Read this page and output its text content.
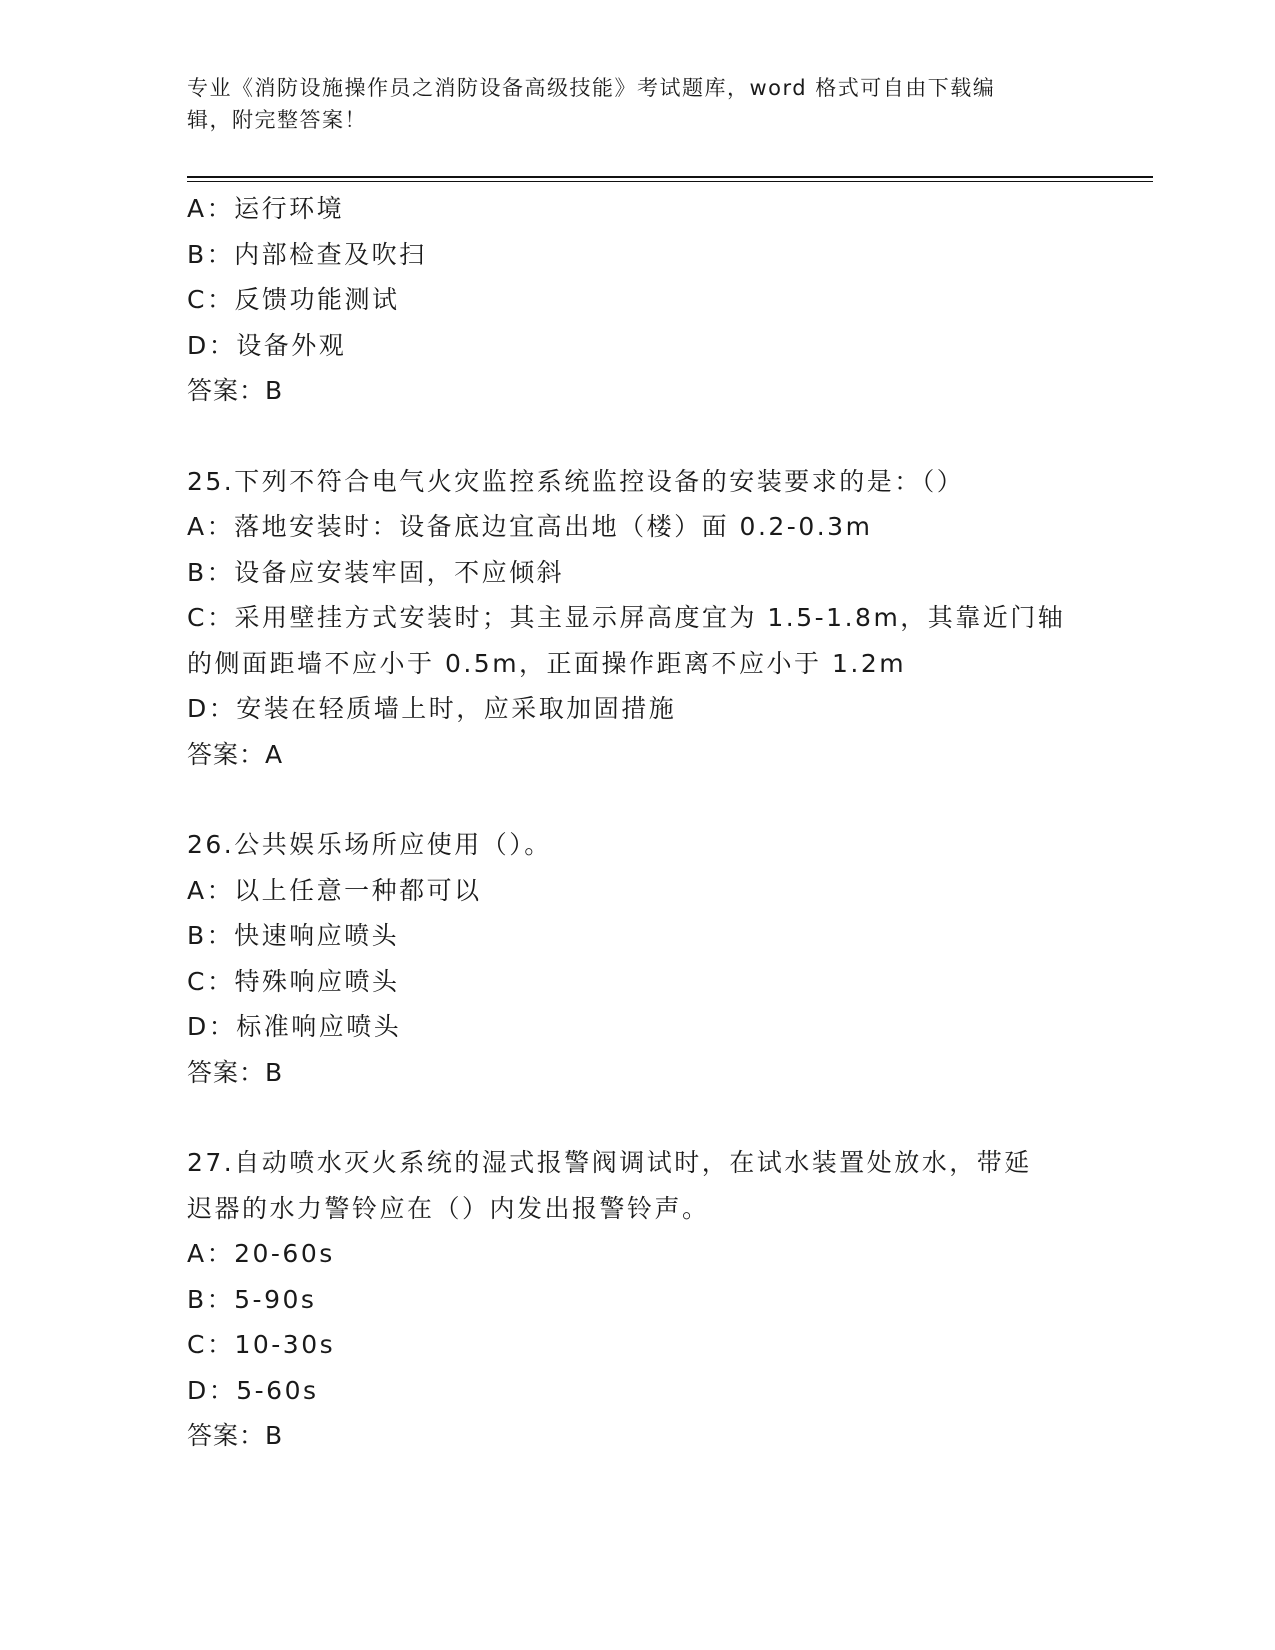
专业《消防设施操作员之消防设备高级技能》考试题库，word 格式可自由下载编
辑，附完整答案！
A：运行环境
B：内部检查及吹扫
C：反馈功能测试
D：设备外观
答案：B
25.下列不符合电气火灾监控系统监控设备的安装要求的是：（）
A：落地安装时：设备底边宜高出地（楼）面 0.2-0.3m
B：设备应安装牢固，不应倾斜
C：采用壁挂方式安装时；其主显示屏高度宜为 1.5-1.8m，其靠近门轴
的侧面距墙不应小于 0.5m，正面操作距离不应小于 1.2m
D：安装在轻质墙上时，应采取加固措施
答案：A
26.公共娱乐场所应使用（）。
A：以上任意一种都可以
B：快速响应喷头
C：特殊响应喷头
D：标准响应喷头
答案：B
27.自动喷水灭火系统的湿式报警阀调试时，在试水装置处放水，带延
迟器的水力警铃应在（）内发出报警铃声。
A：20-60s
B：5-90s
C：10-30s
D：5-60s
答案：B
